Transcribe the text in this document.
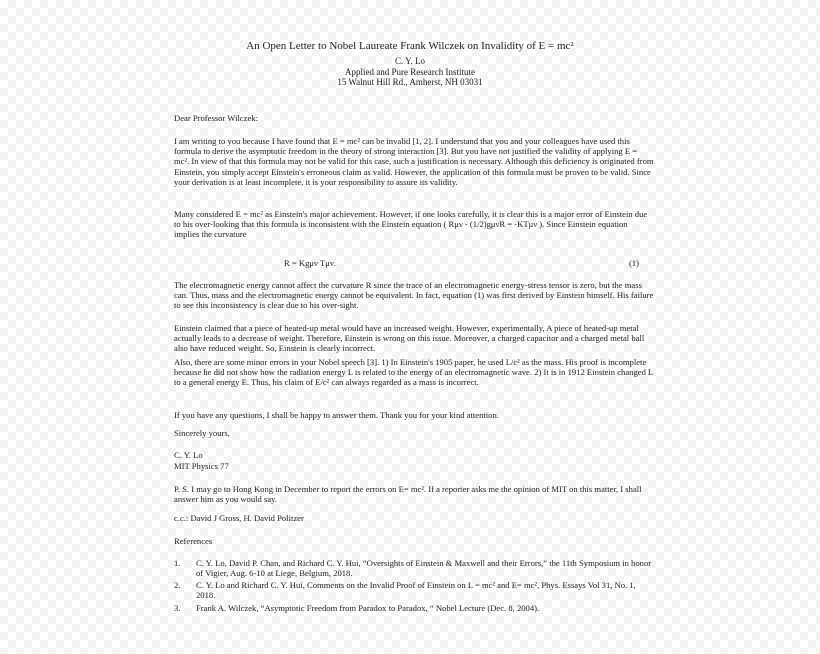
An Open Letter to Nobel Laureate Frank Wilczek on Invalidity of E = mc²
C. Y. Lo
Applied and Pure Research Institute
15 Walnut Hill Rd., Amherst, NH 03031

Dear Professor Wilczek:

I am writing to you because I have found that E = mc² can be invalid [1, 2]. I understand that you and your colleagues have used this formula to derive the asymptotic freedom in the theory of strong interaction [3]. But you have not justified the validity of applying E = mc². In view of that this formula may not be valid for this case, such a justification is necessary. Although this deficiency is originated from Einstein, you simply accept Einstein's erroneous claim as valid. However, the application of this formula must be proven to be valid. Since your derivation is at least incomplete, it is your responsibility to assure its validity.

Many considered E = mc² as Einstein's major achievement. However, if one looks carefully, it is clear this is a major error of Einstein due to his over-looking that this formula is inconsistent with the Einstein equation ( Rμν - (1/2)gμνR = -KTμν ). Since Einstein equation implies the curvature

R = Kgμν Tμν.	(1)

The electromagnetic energy cannot affect the curvature R since the trace of an electromagnetic energy-stress tensor is zero, but the mass can. Thus, mass and the electromagnetic energy cannot be equivalent. In fact, equation (1) was first derived by Einstein himself. His failure to see this inconsistency is clear due to his over-sight.

Einstein claimed that a piece of heated-up metal would have an increased weight. However, experimentally, A piece of heated-up metal actually leads to a decrease of weight. Therefore, Einstein is wrong on this issue. Moreover, a charged capacitor and a charged metal ball also have reduced weight. So, Einstein is clearly incorrect.

Also, there are some minor errors in your Nobel speech [3]. 1) In Einstein's 1905 paper, he used L/c² as the mass. His proof is incomplete because he did not show how the radiation energy L is related to the energy of an electromagnetic wave. 2) It is in 1912 Einstein changed L to a general energy E. Thus, his claim of E/c² can always regarded as a mass is incorrect.

If you have any questions, I shall be happy to answer them. Thank you for your kind attention.

Sincerely yours,

C. Y. Lo

MIT Physics 77

P. S. I may go to Hong Kong in December to report the errors on E= mc². If a reporter asks me the opinion of MIT on this matter, I shall answer him as you would say.

c.c.: David J Gross, H. David Politzer

References

1. C. Y. Lo, David P. Chan, and Richard C. Y. Hui, “Oversights of Einstein & Maxwell and their Errors,” the 11th Symposium in honor of Vigier, Aug. 6-10 at Liege, Belgium, 2018.
2. C. Y. Lo and Richard C. Y. Hui, Comments on the Invalid Proof of Einstein on L = mc² and E= mc², Phys. Essays Vol 31, No. 1, 2018.
3. Frank A. Wilczek, “Asymptotic Freedom from Paradox to Paradox, “ Nobel Lecture (Dec. 8, 2004).
